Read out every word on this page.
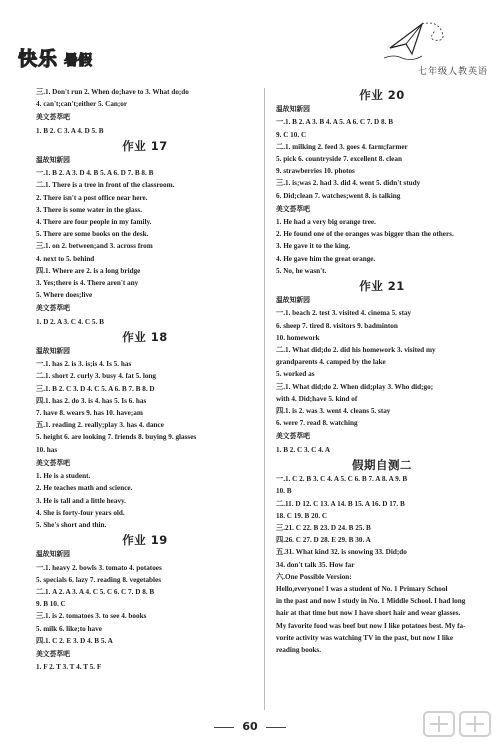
快乐 暑假
七年级人教英语
三.1. Don't run 2. When do;have to 3. What do;do
4. can't;can't;either 5. Can;or
美文荟萃吧
1. B 2. C 3. A 4. D 5. B
作业 17
温故知新园
一.1. B 2. A 3. D 4. B 5. A 6. D 7. B 8. B
二.1. There is a tree in front of the classroom.
2. There isn't a post office near here.
3. There is some water in the glass.
4. There are four people in my family.
5. There are some books on the desk.
三.1. on 2. between;and 3. across from
4. next to 5. behind
四.1. Where are 2. is a long bridge
3. Yes;there is 4. There aren't any
5. Where does;live
美文荟萃吧
1. D 2. A 3. C 4. C 5. B
作业 18
温故知新园
一.1. has 2. is 3. is;is 4. Is 5. has
二.1. short 2. curly 3. busy 4. fat 5. long
三.1. B 2. C 3. D 4. C 5. A 6. B 7. B 8. D
四.1. has 2. do 3. is 4. has 5. Is 6. has
7. have 8. wears 9. has 10. have;am
五.1. reading 2. really;play 3. has 4. dance
5. height 6. are looking 7. friends 8. buying 9. glasses
10. has
美文荟萃吧
1. He is a student.
2. He teaches math and science.
3. He is tall and a little heavy.
4. She is forty-four years old.
5. She's short and thin.
作业 19
温故知新园
一.1. heavy 2. bowls 3. tomato 4. potatoes
5. specials 6. lazy 7. reading 8. vegetables
二.1. A 2. A 3. A 4. C 5. C 6. C 7. D 8. B
9. B 10. C
三.1. is 2. tomatoes 3. to see 4. books
5. milk 6. like;to have
四.1. C 2. E 3. D 4. B 5. A
美文荟萃吧
1. F 2. T 3. T 4. T 5. F
作业 20
温故知新园
一.1. B 2. A 3. B 4. A 5. A 6. C 7. D 8. B
9. C 10. C
二.1. milking 2. feed 3. goes 4. farm;farmer
5. pick 6. countryside 7. excellent 8. clean
9. strawberries 10. photos
三.1. is;was 2. had 3. did 4. went 5. didn't study
6. Did;clean 7. watches;went 8. is talking
美文荟萃吧
1. He had a very big orange tree.
2. He found one of the oranges was bigger than the others.
3. He gave it to the king.
4. He gave him the great orange.
5. No, he wasn't.
作业 21
温故知新园
一.1. beach 2. test 3. visited 4. cinema 5. stay
6. sheep 7. tired 8. visitors 9. badminton
10. homework
二.1. What did;do 2. did his homework 3. visited my
grandparents 4. camped by the lake
5. worked as
三.1. What did;do 2. When did;play 3. Who did;go;
with 4. Did;have 5. kind of
四.1. is 2. was 3. went 4. cleans 5. stay
6. were 7. read 8. watching
美文荟萃吧
1. B 2. C 3. C 4. A
假期自测二
一.1. C 2. B 3. C 4. A 5. C 6. B 7. A 8. A 9. B
10. B
二.11. D 12. C 13. A 14. B 15. A 16. D 17. B
18. C 19. B 20. C
三.21. C 22. B 23. D 24. B 25. B
四.26. C 27. D 28. E 29. B 30. A
五.31. What kind 32. is snowing 33. Did;do
34. don't talk 35. How far
六.One Possible Version:
Hello,everyone! I was a student of No. 1 Primary School
in the past and now I study in No. 1 Middle School. I had long
hair at that time but now I have short hair and wear glasses.
My favorite food was beef but now I like potatoes best. My fa-
vorite activity was watching TV in the past, but now I like
reading books.
60
